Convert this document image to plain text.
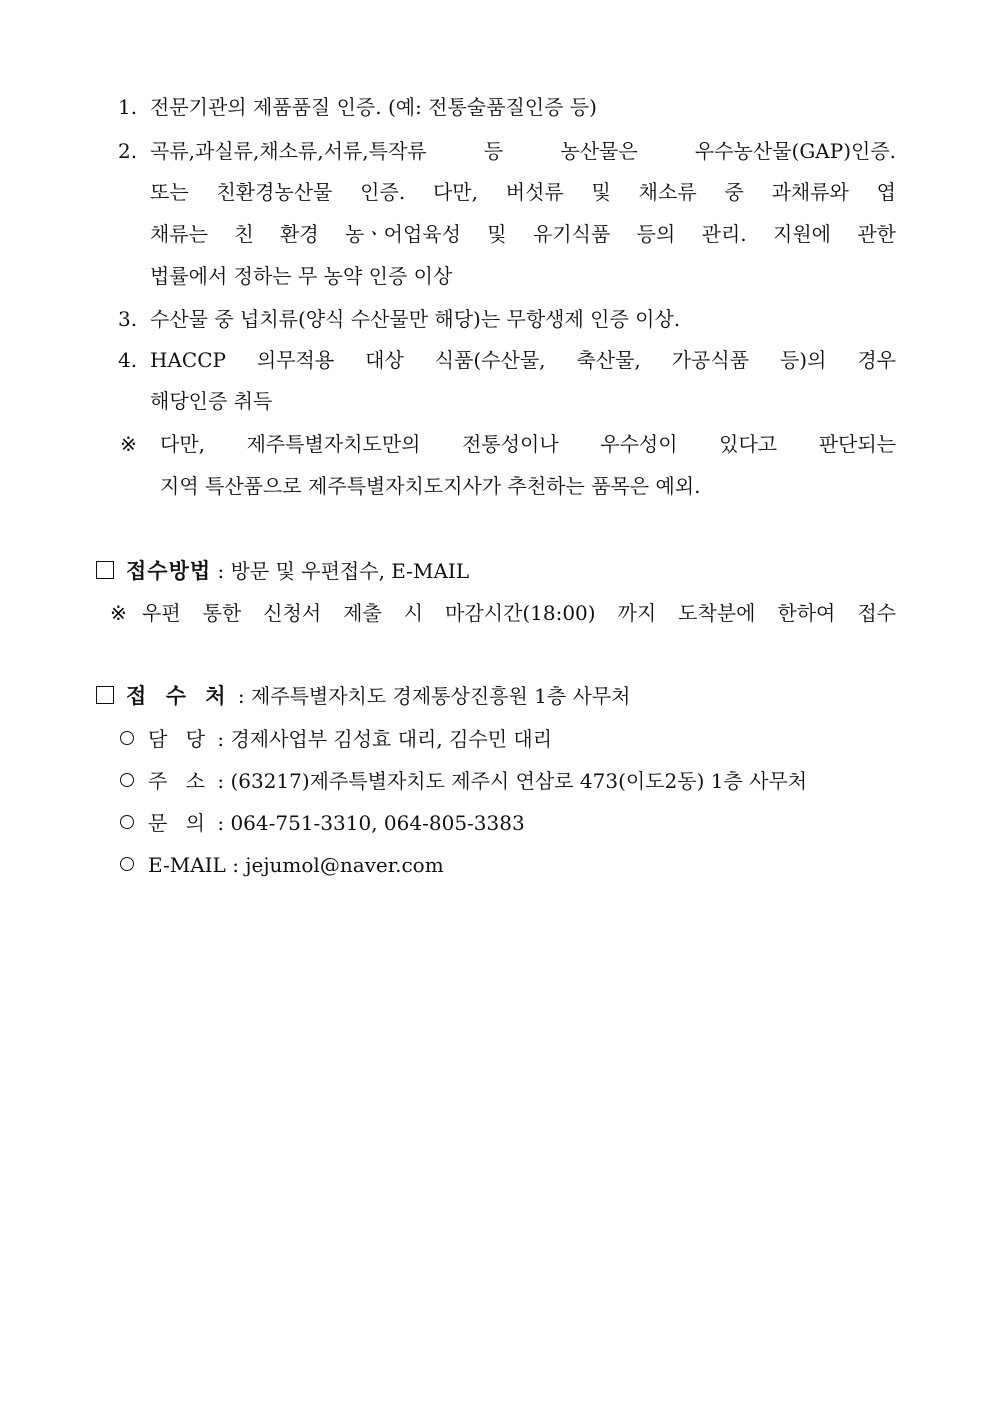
1. 전문기관의 제품품질 인증. (예: 전통술품질인증 등)
2. 곡류,과실류,채소류,서류,특작류 등 농산물은 우수농산물(GAP)인증.
또는 친환경농산물 인증. 다만, 버섯류 및 채소류 중 과채류와 엽
채류는 친 환경 농ㆍ어업육성 및 유기식품 등의 관리. 지원에 관한
법률에서 정하는 무 농약 인증 이상
3. 수산물 중 넙치류(양식 수산물만 해당)는 무항생제 인증 이상.
4. HACCP 의무적용 대상 식품(수산물, 축산물, 가공식품 등)의 경우
해당인증 취득
※ 다만, 제주특별자치도만의 전통성이나 우수성이 있다고 판단되는
지역 특산품으로 제주특별자치도지사가 추천하는 품목은 예외.
접수방법 : 방문 및 우편접수, E-MAIL
※ 우편 통한 신청서 제출 시 마감시간(18:00) 까지 도착분에 한하여 접수
접 수 처 : 제주특별자치도 경제통상진흥원 1층 사무처
담 당 : 경제사업부 김성효 대리, 김수민 대리
주 소 : (63217)제주특별자치도 제주시 연삼로 473(이도2동) 1층 사무처
문 의 : 064-751-3310, 064-805-3383
E-MAIL : jejumol@naver.com
